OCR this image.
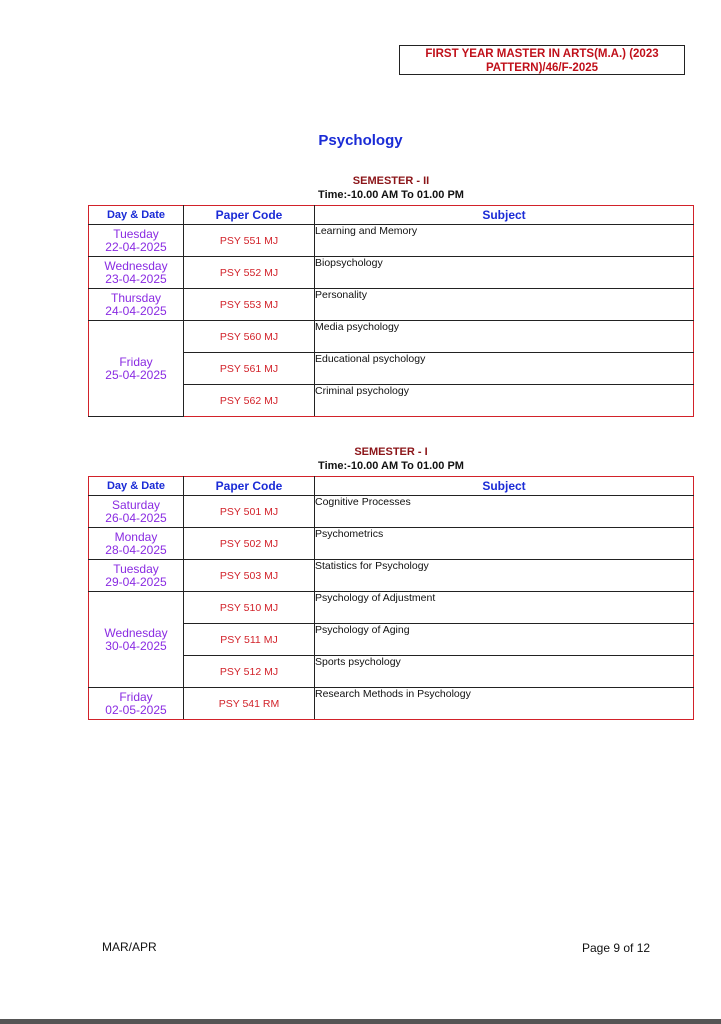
FIRST YEAR MASTER IN ARTS(M.A.) (2023
PATTERN)/46/F-2025
Psychology
SEMESTER - II
Time:-10.00 AM To 01.00 PM
Day & Date	Paper Code	Subject

Tuesday
22-04-2025	PSY 551 MJ	Learning and Memory

Wednesday
23-04-2025	PSY 552 MJ	Biopsychology

Thursday
24-04-2025	PSY 553 MJ	Personality

Friday
25-04-2025	PSY 560 MJ	Media psychology
	PSY 561 MJ	Educational psychology
	PSY 562 MJ	Criminal psychology
SEMESTER - I
Time:-10.00 AM To 01.00 PM
Day & Date	Paper Code	Subject

Saturday
26-04-2025	PSY 501 MJ	Cognitive Processes

Monday
28-04-2025	PSY 502 MJ	Psychometrics

Tuesday
29-04-2025	PSY 503 MJ	Statistics for Psychology

Wednesday
30-04-2025	PSY 510 MJ	Psychology of Adjustment
	PSY 511 MJ	Psychology of Aging
	PSY 512 MJ	Sports psychology

Friday
02-05-2025	PSY 541 RM	Research Methods in Psychology
MAR/APR	Page 9 of 12
